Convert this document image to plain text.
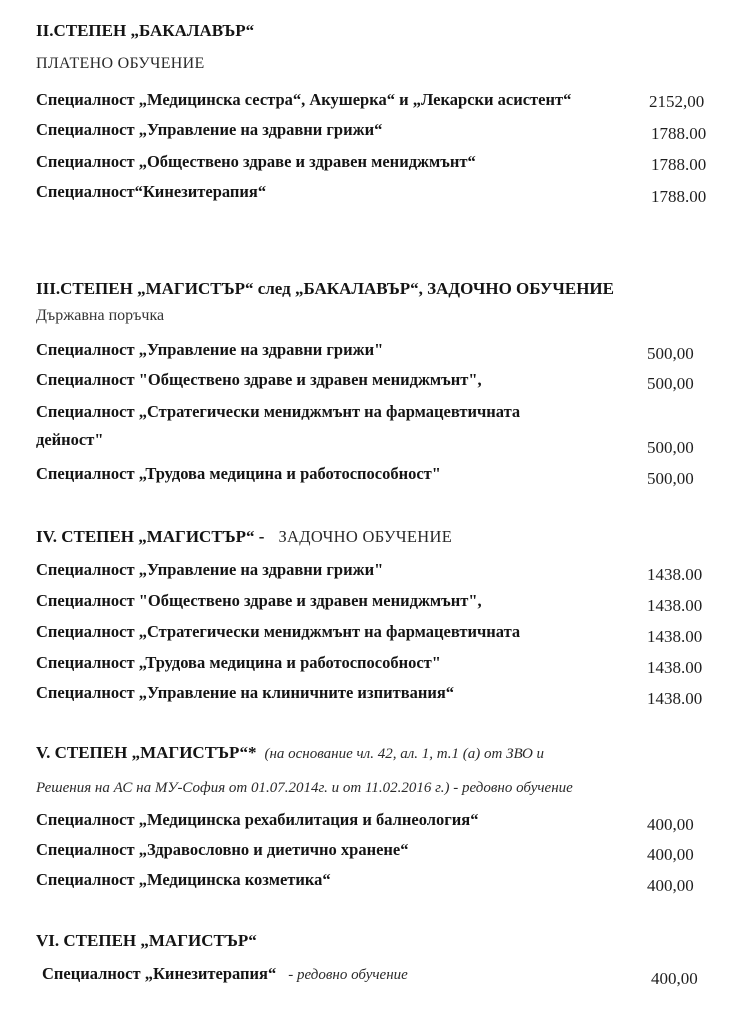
II.СТЕПЕН „БАКАЛАВЪР“
ПЛАТЕНО ОБУЧЕНИЕ
Специалност „Медицинска сестра“, Акушерка“ и „Лекарски асистент“	2152,00
Специалност „Управление на здравни грижи“	1788.00
Специалност „Обществено здраве и здравен мениджмънт“	1788.00
Специалност“Кинезитерапия“	1788.00
III.СТЕПЕН „МАГИСТЪР“ след „БАКАЛАВЪР“, ЗАДОЧНО ОБУЧЕНИЕ
Държавна поръчка
Специалност „Управление на здравни грижи"	500,00
Специалност "Обществено здраве и здравен мениджмънт",	500,00
Специалност „Стратегически мениджмънт на фармацевтичната
дейност"	500,00
Специалност „Трудова медицина и работоспособност"	500,00
IV. СТЕПЕН „МАГИСТЪР“ - ЗАДОЧНО ОБУЧЕНИЕ
Специалност „Управление на здравни грижи"	1438.00
Специалност "Обществено здраве и здравен мениджмънт",	1438.00
Специалност „Стратегически мениджмънт на фармацевтичната	1438.00
Специалност „Трудова медицина и работоспособност"	1438.00
Специалност „Управление на клиничните изпитвания“	1438.00
V. СТЕПЕН „МАГИСТЪР“* (на основание чл. 42, ал. 1, т.1 (а) от ЗВО и
Решения на АС на МУ-София от 01.07.2014г. и от 11.02.2016 г.) - редовно обучение
Специалност „Медицинска рехабилитация и балнеология“	400,00
Специалност „Здравословно и диетично хранене“	400,00
Специалност „Медицинска козметика“	400,00
VI. СТЕПЕН „МАГИСТЪР“
Специалност „Кинезитерапия“ - редовно обучение	400,00
